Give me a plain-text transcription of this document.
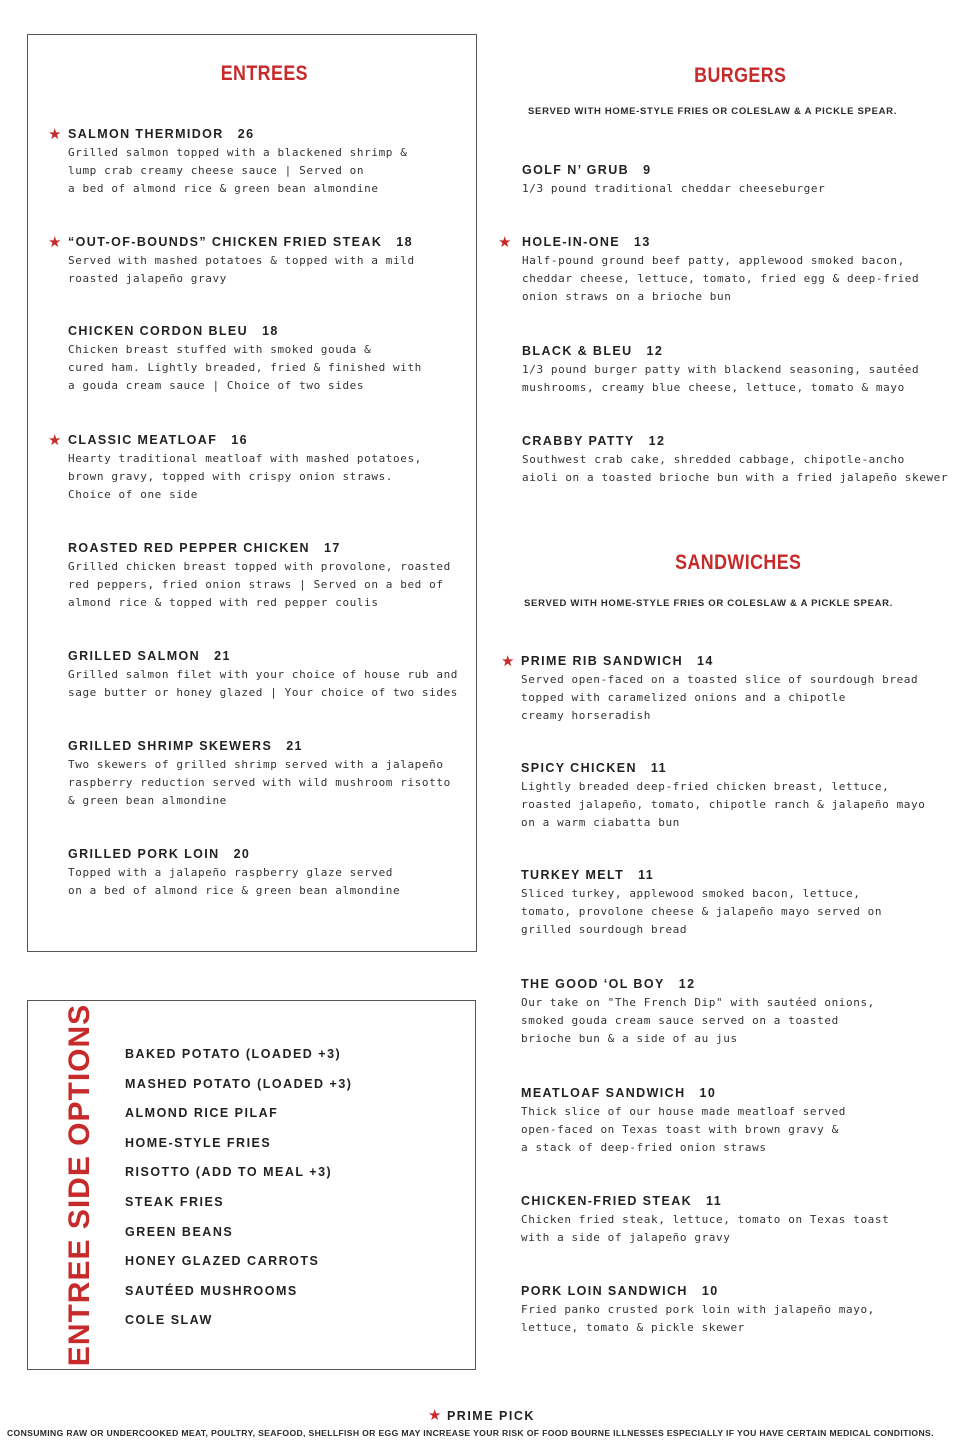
ENTREES	BURGERS
SERVED WITH HOME-STYLE FRIES OR COLESLAW & A PICKLE SPEAR.
SANDWICHES
SERVED WITH HOME-STYLE FRIES OR COLESLAW & A PICKLE SPEAR.
★ SALMON THERMIDOR 26
Grilled salmon topped with a blackened shrimp &
lump crab creamy cheese sauce | Served on
a bed of almond rice & green bean almondine
★ “OUT-OF-BOUNDS” CHICKEN FRIED STEAK 18
Served with mashed potatoes & topped with a mild
roasted jalapeño gravy
CHICKEN CORDON BLEU 18
Chicken breast stuffed with smoked gouda &
cured ham. Lightly breaded, fried & finished with
a gouda cream sauce | Choice of two sides
★ CLASSIC MEATLOAF 16
Hearty traditional meatloaf with mashed potatoes,
brown gravy, topped with crispy onion straws.
Choice of one side
ROASTED RED PEPPER CHICKEN 17
Grilled chicken breast topped with provolone, roasted
red peppers, fried onion straws | Served on a bed of
almond rice & topped with red pepper coulis
GRILLED SALMON 21
Grilled salmon filet with your choice of house rub and
sage butter or honey glazed | Your choice of two sides
GRILLED SHRIMP SKEWERS 21
Two skewers of grilled shrimp served with a jalapeño
raspberry reduction served with wild mushroom risotto
& green bean almondine
GRILLED PORK LOIN 20
Topped with a jalapeño raspberry glaze served
on a bed of almond rice & green bean almondine
GOLF N’ GRUB 9
1/3 pound traditional cheddar cheeseburger
★ HOLE-IN-ONE 13
Half-pound ground beef patty, applewood smoked bacon,
cheddar cheese, lettuce, tomato, fried egg & deep-fried
onion straws on a brioche bun
BLACK & BLEU 12
1/3 pound burger patty with blackend seasoning, sautéed
mushrooms, creamy blue cheese, lettuce, tomato & mayo
CRABBY PATTY 12
Southwest crab cake, shredded cabbage, chipotle-ancho
aioli on a toasted brioche bun with a fried jalapeño skewer
★ PRIME RIB SANDWICH 14
Served open-faced on a toasted slice of sourdough bread
topped with caramelized onions and a chipotle
creamy horseradish
SPICY CHICKEN 11
Lightly breaded deep-fried chicken breast, lettuce,
roasted jalapeño, tomato, chipotle ranch & jalapeño mayo
on a warm ciabatta bun
TURKEY MELT 11
Sliced turkey, applewood smoked bacon, lettuce,
tomato, provolone cheese & jalapeño mayo served on
grilled sourdough bread
THE GOOD ‘OL BOY 12
Our take on "The French Dip" with sautéed onions,
smoked gouda cream sauce served on a toasted
brioche bun & a side of au jus
MEATLOAF SANDWICH 10
Thick slice of our house made meatloaf served
open-faced on Texas toast with brown gravy &
a stack of deep-fried onion straws
CHICKEN-FRIED STEAK 11
Chicken fried steak, lettuce, tomato on Texas toast
with a side of jalapeño gravy
PORK LOIN SANDWICH 10
Fried panko crusted pork loin with jalapeño mayo,
lettuce, tomato & pickle skewer
ENTREE SIDE OPTIONS BAKED POTATO (LOADED +3)
MASHED POTATO (LOADED +3)
ALMOND RICE PILAF
HOME-STYLE FRIES
RISOTTO (ADD TO MEAL +3)
STEAK FRIES
GREEN BEANS
HONEY GLAZED CARROTS
SAUTÉED MUSHROOMS
COLE SLAW
★ PRIME PICK
CONSUMING RAW OR UNDERCOOKED MEAT, POULTRY, SEAFOOD, SHELLFISH OR EGG MAY INCREASE YOUR RISK OF FOOD BOURNE ILLNESSES ESPECIALLY IF YOU HAVE CERTAIN MEDICAL CONDITIONS.
